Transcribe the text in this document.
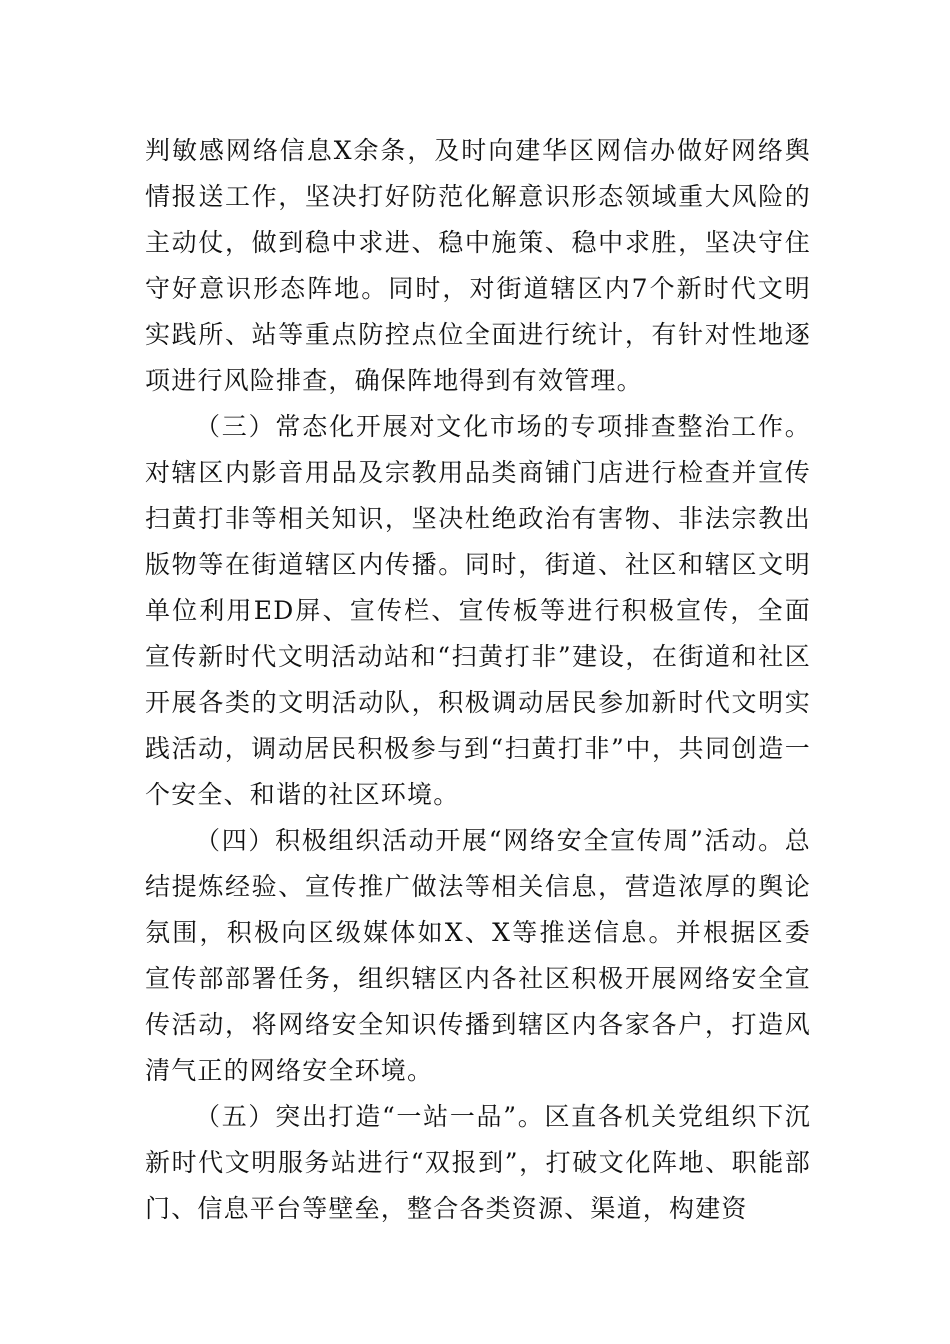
判敏感网络信息X余条，及时向建华区网信办做好网络舆情报送工作，坚决打好防范化解意识形态领域重大风险的主动仗，做到稳中求进、稳中施策、稳中求胜，坚决守住守好意识形态阵地。同时，对街道辖区内7个新时代文明实践所、站等重点防控点位全面进行统计，有针对性地逐项进行风险排查，确保阵地得到有效管理。

（三）常态化开展对文化市场的专项排查整治工作。对辖区内影音用品及宗教用品类商铺门店进行检查并宣传扫黄打非等相关知识，坚决杜绝政治有害物、非法宗教出版物等在街道辖区内传播。同时，街道、社区和辖区文明单位利用ED屏、宣传栏、宣传板等进行积极宣传，全面宣传新时代文明活动站和“扫黄打非”建设，在街道和社区开展各类的文明活动队，积极调动居民参加新时代文明实践活动，调动居民积极参与到“扫黄打非”中，共同创造一个安全、和谐的社区环境。

（四）积极组织活动开展“网络安全宣传周”活动。总结提炼经验、宣传推广做法等相关信息，营造浓厚的舆论氛围，积极向区级媒体如X、X等推送信息。并根据区委宣传部部署任务，组织辖区内各社区积极开展网络安全宣传活动，将网络安全知识传播到辖区内各家各户，打造风清气正的网络安全环境。

（五）突出打造“一站一品”。区直各机关党组织下沉新时代文明服务站进行“双报到”，打破文化阵地、职能部门、信息平台等壁垒，整合各类资源、渠道，构建资
